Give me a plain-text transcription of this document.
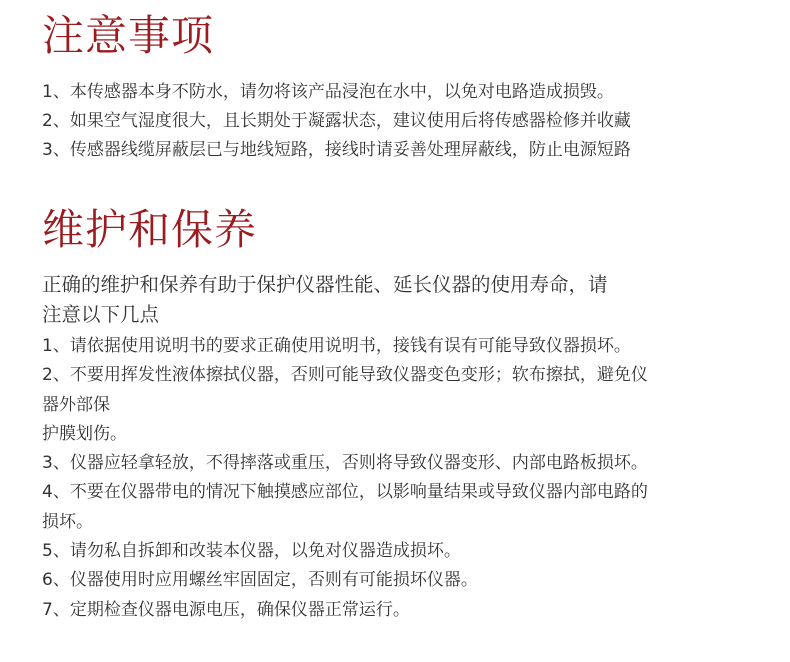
注意事项
1、本传感器本身不防水，请勿将该产品浸泡在水中，以免对电路造成损毁。
2、如果空气湿度很大，且长期处于凝露状态，建议使用后将传感器检修并收藏
3、传感器线缆屏蔽层已与地线短路，接线时请妥善处理屏蔽线，防止电源短路
维护和保养

正确的维护和保养有助于保护仪器性能、延长仪器的使用寿命，请
注意以下几点

1、请依据使用说明书的要求正确使用说明书，接钱有误有可能导致仪器损坏。
2、不要用挥发性液体擦拭仪器，否则可能导致仪器变色变形；软布擦拭，避免仪
器外部保
护膜划伤。
3、仪器应轻拿轻放，不得摔落或重压，否则将导致仪器变形、内部电路板损坏。
4、不要在仪器带电的情况下触摸感应部位，以影响量结果或导致仪器内部电路的
损坏。
5、请勿私自拆卸和改装本仪器，以免对仪器造成损坏。
6、仪器使用时应用螺丝牢固固定，否则有可能损坏仪器。
7、定期检查仪器电源电压，确保仪器正常运行。
